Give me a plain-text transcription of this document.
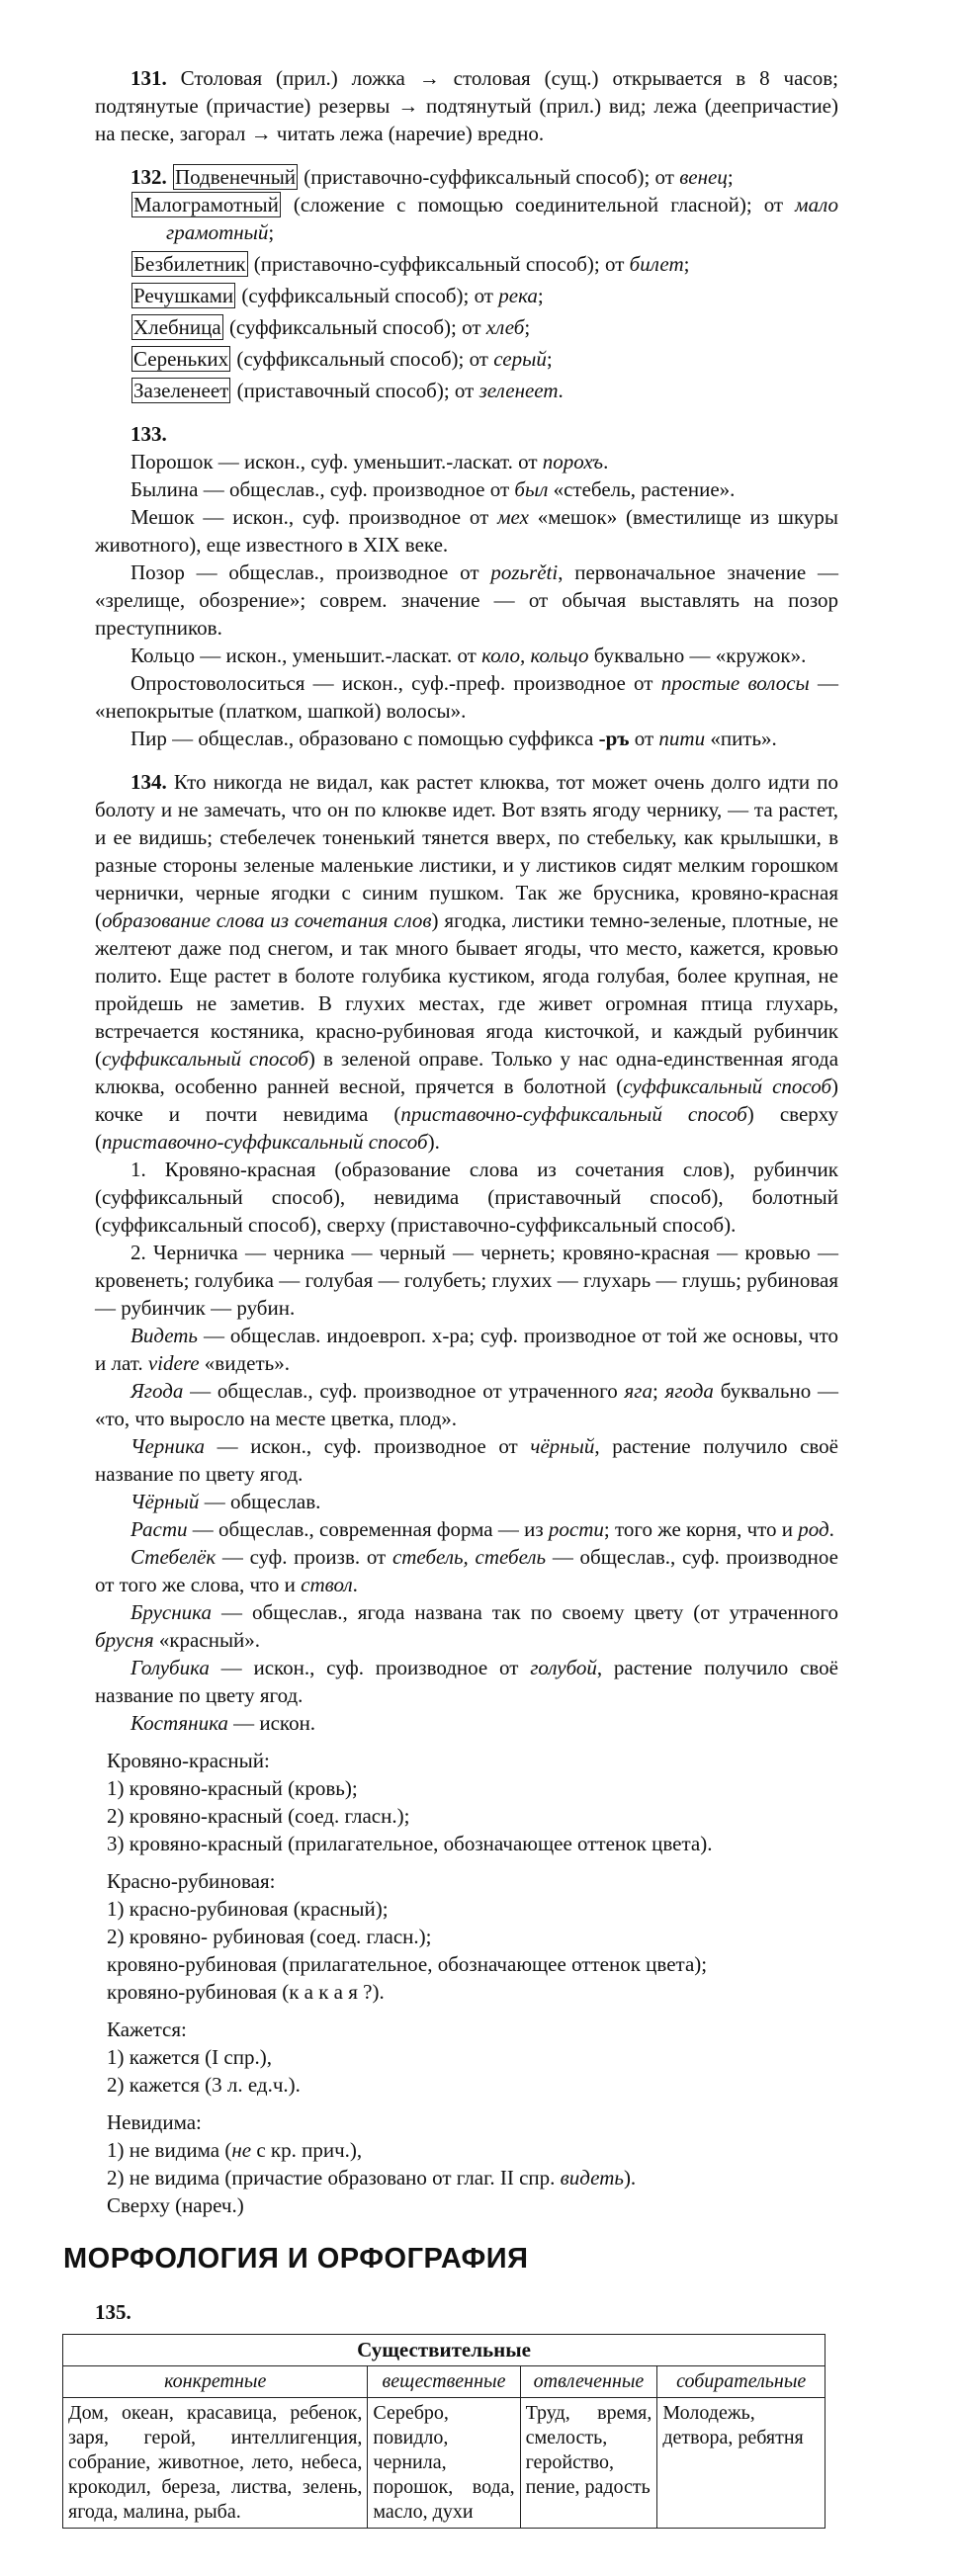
131. Столовая (прил.) ложка → столовая (сущ.) открывается в 8 часов; подтянутые (причастие) резервы → подтянутый (прил.) вид; лежа (деепричастие) на песке, загорал → читать лежа (наречие) вредно.

132. Подвенечный (приставочно-суффиксальный способ); от венец;

Малограмотный (сложение с помощью соединительной гласной); от мало грамотный;

Безбилетник (приставочно-суффиксальный способ); от билет;

Речушками (суффиксальный способ); от река;

Хлебница (суффиксальный способ); от хлеб;

Сереньких (суффиксальный способ); от серый;

Зазеленеет (приставочный способ); от зеленеет.

133.

Порошок — искон., суф. уменьшит.-ласкат. от порохъ.

Былина — общеслав., суф. производное от был «стебель, растение».

Мешок — искон., суф. производное от мех «мешок» (вместилище из шкуры животного), еще известного в XIX веке.

Позор — общеслав., производное от pozьrěti, первоначальное значение — «зрелище, обозрение»; соврем. значение — от обычая выставлять на позор преступников.

Кольцо — искон., уменьшит.-ласкат. от коло, кольцо буквально — «кружок».

Опростоволоситься — искон., суф.-преф. производное от простые волосы — «непокрытые (платком, шапкой) волосы».

Пир — общеслав., образовано с помощью суффикса -ръ от пити «пить».

134. Кто никогда не видал, как растет клюква, тот может очень долго идти по болоту и не замечать, что он по клюкве идет. Вот взять ягоду чернику, — та растет, и ее видишь; стебелечек тоненький тянется вверх, по стебельку, как крылышки, в разные стороны зеленые маленькие листики, и у листиков сидят мелким горошком чернички, черные ягодки с синим пушком. Так же брусника, кровяно-красная (образование слова из сочетания слов) ягодка, листики темно-зеленые, плотные, не желтеют даже под снегом, и так много бывает ягоды, что место, кажется, кровью полито. Еще растет в болоте голубика кустиком, ягода голубая, более крупная, не пройдешь не заметив. В глухих местах, где живет огромная птица глухарь, встречается костяника, красно-рубиновая ягода кисточкой, и каждый рубинчик (суффиксальный способ) в зеленой оправе. Только у нас одна-единственная ягода клюква, особенно ранней весной, прячется в болотной (суффиксальный способ) кочке и почти невидима (приставочно-суффиксальный способ) сверху (приставочно-суффиксальный способ).

1. Кровяно-красная (образование слова из сочетания слов), рубинчик (суффиксальный способ), невидима (приставочный способ), болотный (суффиксальный способ), сверху (приставочно-суффиксальный способ).

2. Черничка — черника — черный — чернеть; кровяно-красная — кровью — кровенеть; голубика — голубая — голубеть; глухих — глухарь — глушь; рубиновая — рубинчик — рубин.

Видеть — общеслав. индоевроп. х-ра; суф. производное от той же основы, что и лат. videre «видеть».

Ягода — общеслав., суф. производное от утраченного яга; ягода буквально — «то, что выросло на месте цветка, плод».

Черника — искон., суф. производное от чёрный, растение получило своё название по цвету ягод.

Чёрный — общеслав.

Расти — общеслав., современная форма — из рости; того же корня, что и род.

Стебелёк — суф. произв. от стебель, стебель — общеслав., суф. производное от того же слова, что и ствол.

Брусника — общеслав., ягода названа так по своему цвету (от утраченного брусня «красный».

Голубика — искон., суф. производное от голубой, растение получило своё название по цвету ягод.

Костяника — искон.

Кровяно-красный:

1) кровяно-красный (кровь);

2) кровяно-красный (соед. гласн.);

3) кровяно-красный (прилагательное, обозначающее оттенок цвета).

Красно-рубиновая:

1) красно-рубиновая (красный);

2) кровяно- рубиновая (соед. гласн.);

кровяно-рубиновая (прилагательное, обозначающее оттенок цвета);

кровяно-рубиновая (к а к а я ?).

Кажется:

1) кажется (I спр.),

2) кажется (3 л. ед.ч.).

Невидима:

1) не видима (не с кр. прич.),

2) не видима (причастие образовано от глаг. II спр. видеть).

Сверху (нареч.)

МОРФОЛОГИЯ И ОРФОГРАФИЯ

135.

Существительные			
конкретные	вещественные	отвлеченные	собирательные
Дом, океан, красавица, ребенок, заря, герой, интеллигенция, собрание, животное, лето, небеса, крокодил, береза, листва, зелень, ягода, малина, рыба.	Серебро, повидло, чернила, порошок, вода, масло, духи	Труд, время, смелость, геройство, пение, радость	Молодежь, детвора, ребятня
